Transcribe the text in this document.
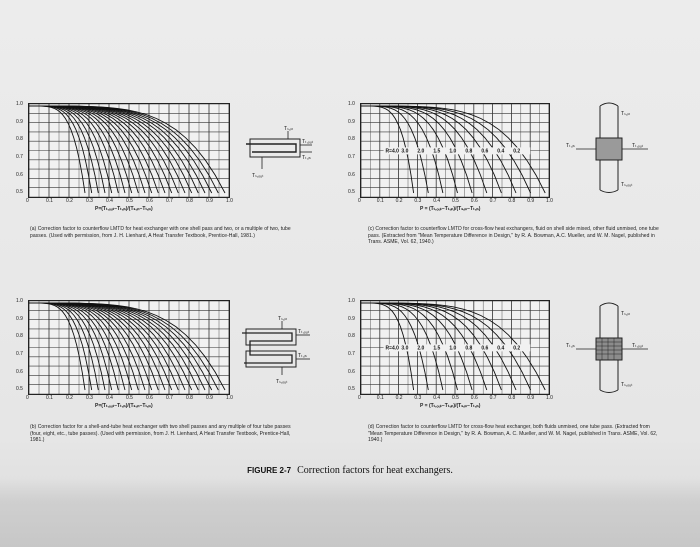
0	0.1	0.2	0.3	0.4	0.5	0.6	0.7	0.8	0.9	1.0
P=(Tₜ,ₒᵤₜ−Tₜ,ᵢₙ)/(Tₛ,ᵢₙ−Tₜ,ᵢₙ)
Tₛ,ᵢₙ
Tₜ,ₒᵤₜ
Tₜ,ᵢₙ
Tₛ,ₒᵤₜ
(a) Correction factor to counterflow LMTD for heat exchanger with one shell pass and two, or a multiple of two, tube passes. (Used with permission, from J. H. Lienhard, A Heat Transfer Textbook, Prentice-Hall, 1981.)
0	0.1	0.2	0.3	0.4	0.5	0.6	0.7	0.8	0.9	1.0
P=(Tₜ,ₒᵤₜ−Tₜ,ᵢₙ)/(Tₛ,ᵢₙ−Tₜ,ᵢₙ)
Tₛ,ᵢₙ
Tₜ,ₒᵤₜ
Tₜ,ᵢₙ
Tₛ,ₒᵤₜ
(b) Correction factor for a shell-and-tube heat exchanger with two shell passes and any multiple of four tube passes (four, eight, etc., tube passes). (Used with permission, from J. H. Lienhard, A Heat Transfer Textbook, Prentice-Hall, 1981.)
R=4.0 3.0 2.0 1.5 1.0 0.8 0.6 0.4 0.2
0	0.1 0.2 0.3 0.4 0.5 0.6 0.7 0.8 0.9 1.0
P = (Tₜ,ₒᵤₜ−Tₜ,ᵢₙ)/(Tₛ,ᵢₙ−Tₜ,ᵢₙ)
Tₜ,ᵢₙ	Tₜ,ₒᵤₜ
Tₛ,ᵢₙ
Tₛ,ₒᵤₜ
(c) Correction factor to counterflow LMTD for cross-flow heat exchangers, fluid on shell side mixed, other fluid unmixed, one tube pass. (Extracted from "Mean Temperature Difference in Design," by R. A. Bowman, A.C. Mueller, and W. M. Nagel, published in Trans. ASME, Vol. 62, 1940.)
R=4.0 3.0 2.0 1.5 1.0 0.8 0.6 0.4 0.2
0	0.1 0.2 0.3 0.4 0.5 0.6 0.7 0.8 0.9 1.0
P = (Tₜ,ₒᵤₜ−Tₜ,ᵢₙ)/(Tₛ,ᵢₙ−Tₜ,ᵢₙ)
Tₜ,ᵢₙ	Tₜ,ₒᵤₜ
Tₛ,ᵢₙ
Tₛ,ₒᵤₜ
(d) Correction factor to counterflow LMTD for cross-flow heat exchanger, both fluids unmixed, one tube pass. (Extracted from "Mean Temperature Difference in Design," by R. A. Bowman, A. C. Mueller, and W. M. Nagel, published in Trans. ASME, Vol. 62, 1940.)
FIGURE 2-7 Correction factors for heat exchangers.
1.0
0.9
0.8
0.7
0.6
0.5
1.0
0.9
0.8
0.7
0.6
0.5
1.0
0.9
0.8
0.7
0.6
0.5
1.0
0.9
0.8
0.7
0.6
0.5
